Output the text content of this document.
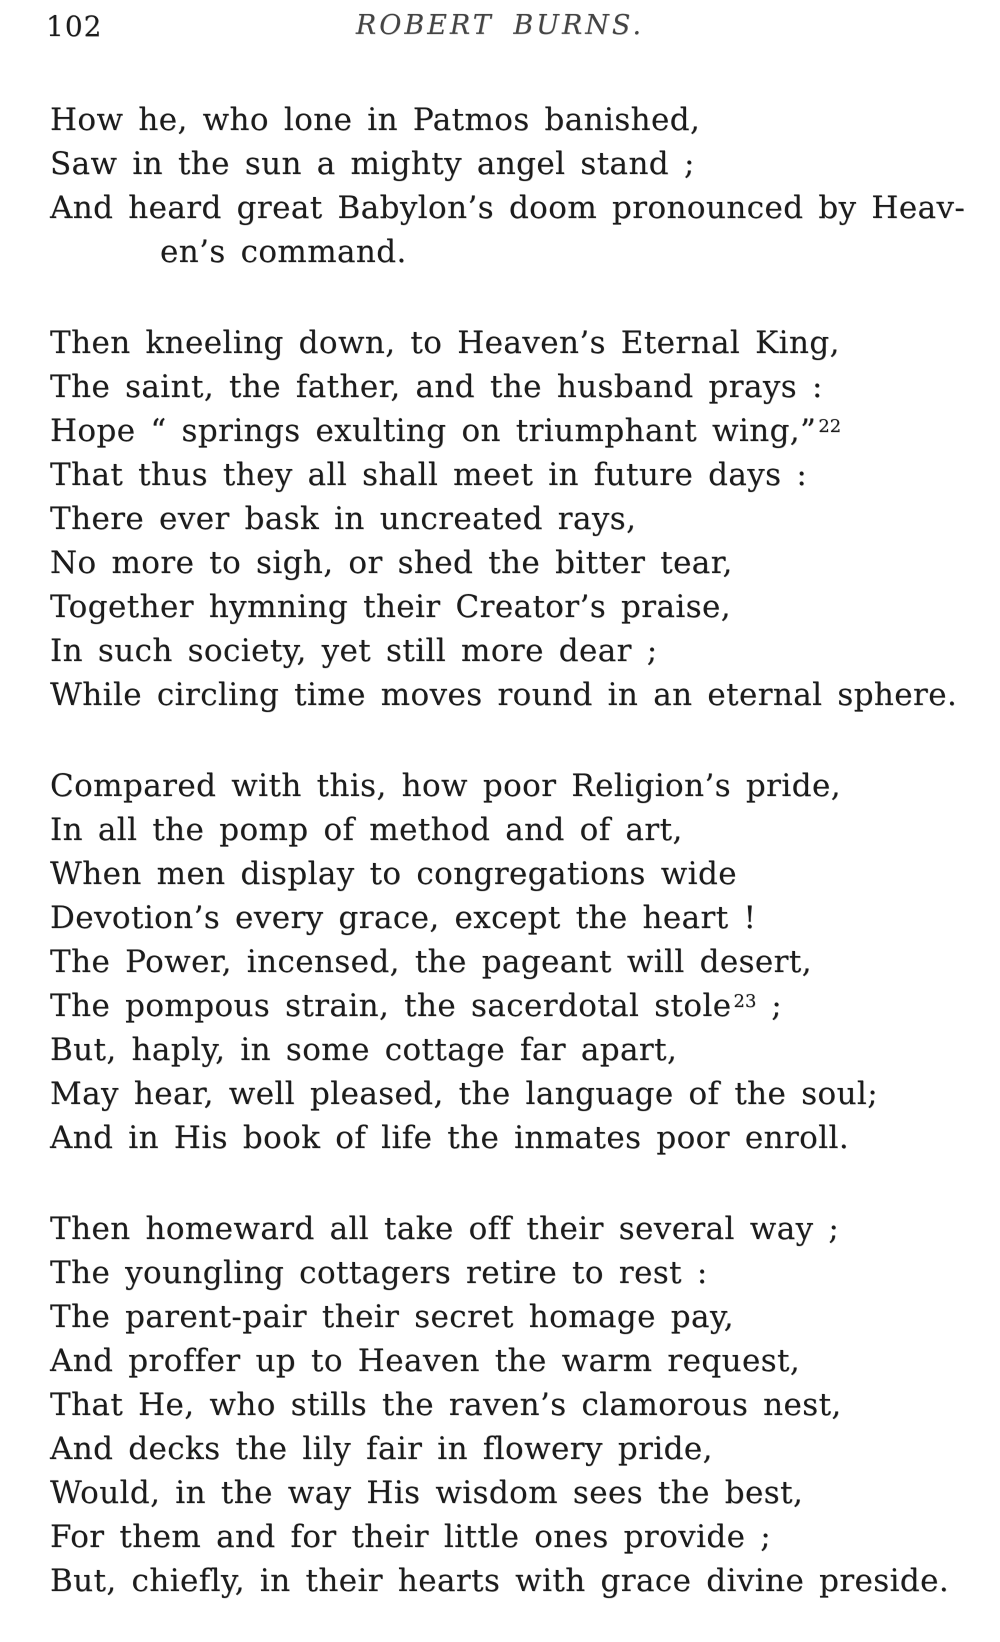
102	ROBERT BURNS.
How he, who lone in Patmos banished,
Saw in the sun a mighty angel stand ;
And heard great Babylon’s doom pronounced by Heav-
en’s command.
Then kneeling down, to Heaven’s Eternal King,
The saint, the father, and the husband prays :
Hope “ springs exulting on triumphant wing,” $^{22}$
That thus they all shall meet in future days :
There ever bask in uncreated rays,
No more to sigh, or shed the bitter tear,
Together hymning their Creator’s praise,
In such society, yet still more dear ;
While circling time moves round in an eternal sphere.
Compared with this, how poor Religion’s pride,
In all the pomp of method and of art,
When men display to congregations wide
Devotion’s every grace, except the heart !
The Power, incensed, the pageant will desert,
The pompous strain, the sacerdotal stole $^{23}$ ;
But, haply, in some cottage far apart,
May hear, well pleased, the language of the soul;
And in His book of life the inmates poor enroll.
Then homeward all take off their several way ;
The youngling cottagers retire to rest :
The parent-pair their secret homage pay,
And proffer up to Heaven the warm request,
That He, who stills the raven’s clamorous nest,
And decks the lily fair in flowery pride,
Would, in the way His wisdom sees the best,
For them and for their little ones provide ;
But, chiefly, in their hearts with grace divine preside.
